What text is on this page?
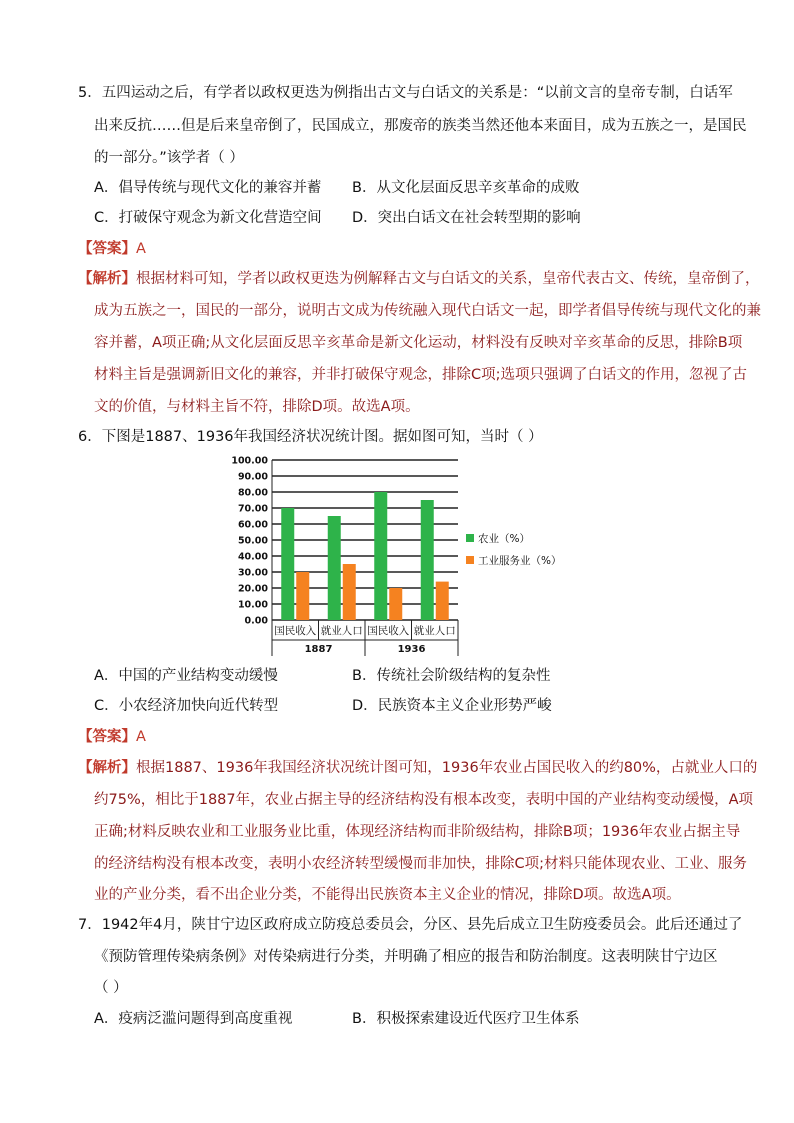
5．五四运动之后，有学者以政权更迭为例指出古文与白话文的关系是：“以前文言的皇帝专制，白话军
出来反抗……但是后来皇帝倒了，民国成立，那废帝的族类当然还他本来面目，成为五族之一，是国民
的一部分。”该学者（ ）
A．倡导传统与现代文化的兼容并蓄 B．从文化层面反思辛亥革命的成败
C．打破保守观念为新文化营造空间 D．突出白话文在社会转型期的影响
【答案】A
【解析】根据材料可知，学者以政权更迭为例解释古文与白话文的关系，皇帝代表古文、传统，皇帝倒了，
成为五族之一，国民的一部分，说明古文成为传统融入现代白话文一起，即学者倡导传统与现代文化的兼
容并蓄，A项正确;从文化层面反思辛亥革命是新文化运动，材料没有反映对辛亥革命的反思，排除B项
材料主旨是强调新旧文化的兼容，并非打破保守观念，排除C项;选项只强调了白话文的作用，忽视了古
文的价值，与材料主旨不符，排除D项。故选A项。
6．下图是1887、1936年我国经济状况统计图。据如图可知，当时（ ）
100.00
90.00
80.00
70.00
60.00
50.00
40.00
30.00
20.00
10.00
0.00
国民收入 就业人口 国民收入 就业人口
1887	1936
农业（%）
工业服务业（%）
A．中国的产业结构变动缓慢	B．传统社会阶级结构的复杂性
C．小农经济加快向近代转型	D．民族资本主义企业形势严峻
【答案】A
【解析】根据1887、1936年我国经济状况统计图可知，1936年农业占国民收入的约80%，占就业人口的
约75%，相比于1887年，农业占据主导的经济结构没有根本改变，表明中国的产业结构变动缓慢，A项
正确;材料反映农业和工业服务业比重，体现经济结构而非阶级结构，排除B项；1936年农业占据主导
的经济结构没有根本改变，表明小农经济转型缓慢而非加快，排除C项;材料只能体现农业、工业、服务
业的产业分类，看不出企业分类，不能得出民族资本主义企业的情况，排除D项。故选A项。
7．1942年4月，陕甘宁边区政府成立防疫总委员会，分区、县先后成立卫生防疫委员会。此后还通过了
《预防管理传染病条例》对传染病进行分类，并明确了相应的报告和防治制度。这表明陕甘宁边区
（ ）
A．疫病泛滥问题得到高度重视	B．积极探索建设近代医疗卫生体系
